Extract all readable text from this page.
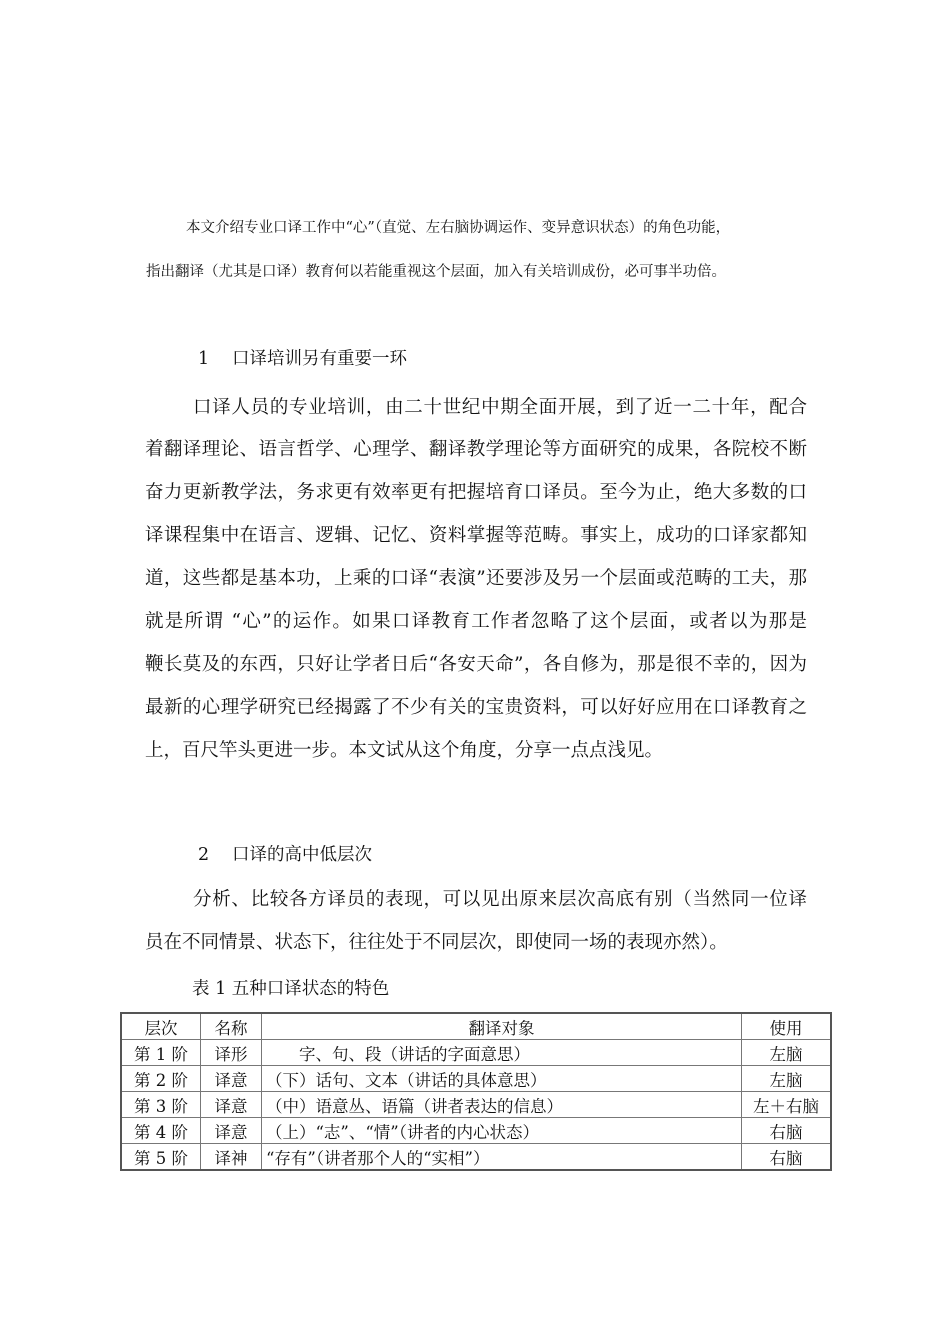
本文介绍专业口译工作中“心”（直觉、左右脑协调运作、变异意识状态）的角色功能，
指出翻译（尤其是口译）教育何以若能重视这个层面，加入有关培训成份，必可事半功倍。
1 口译培训另有重要一环
口译人员的专业培训，由二十世纪中期全面开展，到了近一二十年，配合
着翻译理论、语言哲学、心理学、翻译教学理论等方面研究的成果，各院校不断
奋力更新教学法，务求更有效率更有把握培育口译员。至今为止，绝大多数的口
译课程集中在语言、逻辑、记忆、资料掌握等范畴。事实上，成功的口译家都知
道，这些都是基本功，上乘的口译“表演”还要涉及另一个层面或范畴的工夫，那
就是所谓 “心”的运作。如果口译教育工作者忽略了这个层面，或者以为那是
鞭长莫及的东西，只好让学者日后“各安天命”，各自修为，那是很不幸的，因为
最新的心理学研究已经揭露了不少有关的宝贵资料，可以好好应用在口译教育之
上，百尺竿头更进一步。本文试从这个角度，分享一点点浅见。
2 口译的高中低层次
分析、比较各方译员的表现，可以见出原来层次高底有别（当然同一位译
员在不同情景、状态下，往往处于不同层次，即使同一场的表现亦然）。
表 1 五种口译状态的特色
层次	名称	翻译对象	使用
第 1 阶	译形	　　字、句、段（讲话的字面意思）	左脑
第 2 阶	译意	（下）话句、文本（讲话的具体意思）	左脑
第 3 阶	译意	（中）语意丛、语篇（讲者表达的信息）	左＋右脑
第 4 阶	译意	（上）“志”、“情”（讲者的内心状态）	右脑
第 5 阶	译神	“存有”（讲者那个人的“实相”）	右脑
